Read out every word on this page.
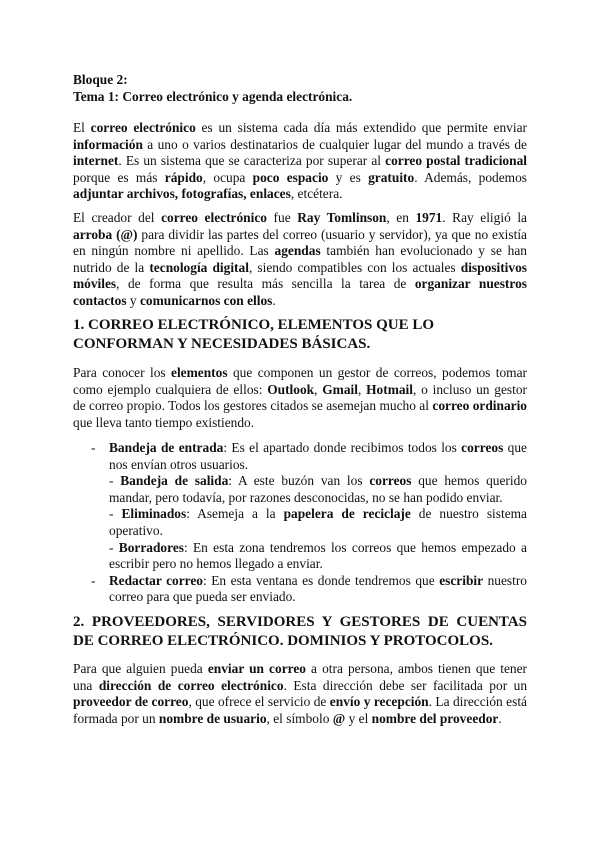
Bloque 2:

Tema 1: Correo electrónico y agenda electrónica.

El correo electrónico es un sistema cada día más extendido que permite enviar información a uno o varios destinatarios de cualquier lugar del mundo a través de internet. Es un sistema que se caracteriza por superar al correo postal tradicional porque es más rápido, ocupa poco espacio y es gratuito. Además, podemos adjuntar archivos, fotografías, enlaces, etcétera.

El creador del correo electrónico fue Ray Tomlinson, en 1971. Ray eligió la arroba (@) para dividir las partes del correo (usuario y servidor), ya que no existía en ningún nombre ni apellido. Las agendas también han evolucionado y se han nutrido de la tecnología digital, siendo compatibles con los actuales dispositivos móviles, de forma que resulta más sencilla la tarea de organizar nuestros contactos y comunicarnos con ellos.

1. CORREO ELECTRÓNICO, ELEMENTOS QUE LO CONFORMAN Y NECESIDADES BÁSICAS.

Para conocer los elementos que componen un gestor de correos, podemos tomar como ejemplo cualquiera de ellos: Outlook, Gmail, Hotmail, o incluso un gestor de correo propio. Todos los gestores citados se asemejan mucho al correo ordinario que lleva tanto tiempo existiendo.

- Bandeja de entrada: Es el apartado donde recibimos todos los correos que nos envían otros usuarios.
- Bandeja de salida: A este buzón van los correos que hemos querido mandar, pero todavía, por razones desconocidas, no se han podido enviar.
- Eliminados: Asemeja a la papelera de reciclaje de nuestro sistema operativo.
- Borradores: En esta zona tendremos los correos que hemos empezado a escribir pero no hemos llegado a enviar.
- Redactar correo: En esta ventana es donde tendremos que escribir nuestro correo para que pueda ser enviado.
2. PROVEEDORES, SERVIDORES Y GESTORES DE CUENTAS DE CORREO ELECTRÓNICO. DOMINIOS Y PROTOCOLOS.

Para que alguien pueda enviar un correo a otra persona, ambos tienen que tener una dirección de correo electrónico. Esta dirección debe ser facilitada por un proveedor de correo, que ofrece el servicio de envío y recepción. La dirección está formada por un nombre de usuario, el símbolo @ y el nombre del proveedor.
